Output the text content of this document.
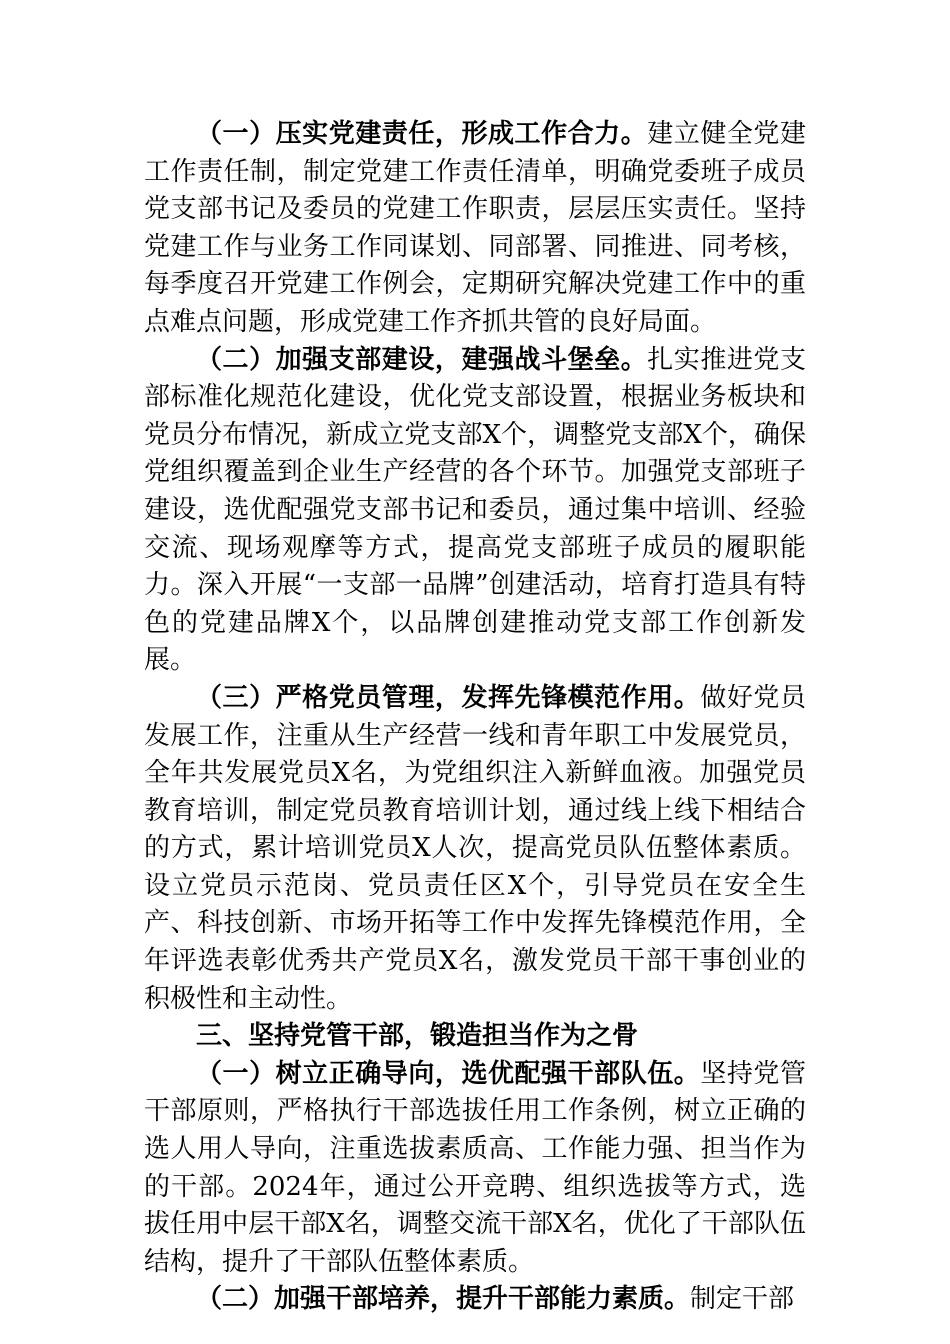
（一）压实党建责任，形成工作合力。建立健全党建工作责任制，制定党建工作责任清单，明确党委班子成员党支部书记及委员的党建工作职责，层层压实责任。坚持党建工作与业务工作同谋划、同部署、同推进、同考核，每季度召开党建工作例会，定期研究解决党建工作中的重点难点问题，形成党建工作齐抓共管的良好局面。

（二）加强支部建设，建强战斗堡垒。扎实推进党支部标准化规范化建设，优化党支部设置，根据业务板块和党员分布情况，新成立党支部X个，调整党支部X个，确保党组织覆盖到企业生产经营的各个环节。加强党支部班子建设，选优配强党支部书记和委员，通过集中培训、经验交流、现场观摩等方式，提高党支部班子成员的履职能力。深入开展“一支部一品牌”创建活动，培育打造具有特色的党建品牌X个，以品牌创建推动党支部工作创新发展。

（三）严格党员管理，发挥先锋模范作用。做好党员发展工作，注重从生产经营一线和青年职工中发展党员，全年共发展党员X名，为党组织注入新鲜血液。加强党员教育培训，制定党员教育培训计划，通过线上线下相结合的方式，累计培训党员X人次，提高党员队伍整体素质。设立党员示范岗、党员责任区X个，引导党员在安全生产、科技创新、市场开拓等工作中发挥先锋模范作用，全年评选表彰优秀共产党员X名，激发党员干部干事创业的积极性和主动性。

三、坚持党管干部，锻造担当作为之骨

（一）树立正确导向，选优配强干部队伍。坚持党管干部原则，严格执行干部选拔任用工作条例，树立正确的选人用人导向，注重选拔素质高、工作能力强、担当作为的干部。2024年，通过公开竞聘、组织选拔等方式，选拔任用中层干部X名，调整交流干部X名，优化了干部队伍结构，提升了干部队伍整体素质。

（二）加强干部培养，提升干部能力素质。制定干部
